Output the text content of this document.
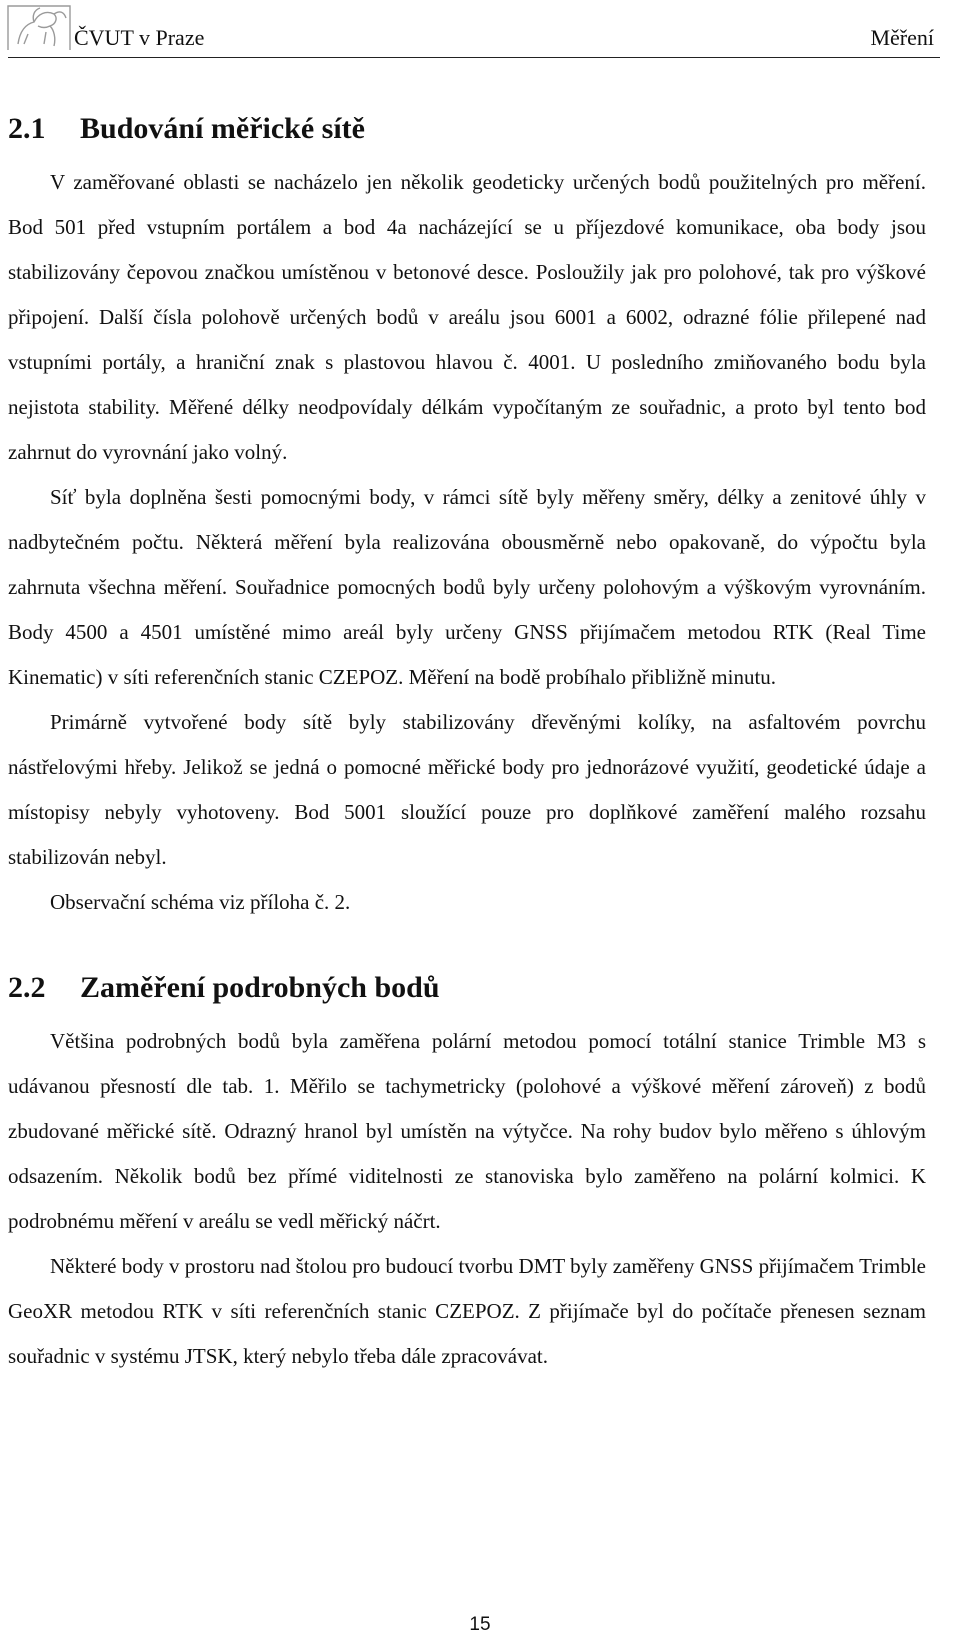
ČVUT v Praze	Měření
2.1 Budování měřické sítě

V zaměřované oblasti se nacházelo jen několik geodeticky určených bodů použitelných pro měření. Bod 501 před vstupním portálem a bod 4a nacházející se u příjezdové komunikace, oba body jsou stabilizovány čepovou značkou umístěnou v betonové desce. Posloužily jak pro polohové, tak pro výškové připojení. Další čísla polohově určených bodů v areálu jsou 6001 a 6002, odrazné fólie přilepené nad vstupními portály, a hraniční znak s plastovou hlavou č. 4001. U posledního zmiňovaného bodu byla nejistota stability. Měřené délky neodpovídaly délkám vypočítaným ze souřadnic, a proto byl tento bod zahrnut do vyrovnání jako volný.

Síť byla doplněna šesti pomocnými body, v rámci sítě byly měřeny směry, délky a zenitové úhly v nadbytečném počtu. Některá měření byla realizována obousměrně nebo opakovaně, do výpočtu byla zahrnuta všechna měření. Souřadnice pomocných bodů byly určeny polohovým a výškovým vyrovnáním. Body 4500 a 4501 umístěné mimo areál byly určeny GNSS přijímačem metodou RTK (Real Time Kinematic) v síti referenčních stanic CZEPOZ. Měření na bodě probíhalo přibližně minutu.

Primárně vytvořené body sítě byly stabilizovány dřevěnými kolíky, na asfaltovém povrchu nástřelovými hřeby. Jelikož se jedná o pomocné měřické body pro jednorázové využití, geodetické údaje a místopisy nebyly vyhotoveny. Bod 5001 sloužící pouze pro doplňkové zaměření malého rozsahu stabilizován nebyl.

Observační schéma viz příloha č. 2.

2.2 Zaměření podrobných bodů

Většina podrobných bodů byla zaměřena polární metodou pomocí totální stanice Trimble M3 s udávanou přesností dle tab. 1. Měřilo se tachymetricky (polohové a výškové měření zároveň) z bodů zbudované měřické sítě. Odrazný hranol byl umístěn na výtyčce. Na rohy budov bylo měřeno s úhlovým odsazením. Několik bodů bez přímé viditelnosti ze stanoviska bylo zaměřeno na polární kolmici. K podrobnému měření v areálu se vedl měřický náčrt.

Některé body v prostoru nad štolou pro budoucí tvorbu DMT byly zaměřeny GNSS přijímačem Trimble GeoXR metodou RTK v síti referenčních stanic CZEPOZ. Z přijímače byl do počítače přenesen seznam souřadnic v systému JTSK, který nebylo třeba dále zpracovávat.

15
